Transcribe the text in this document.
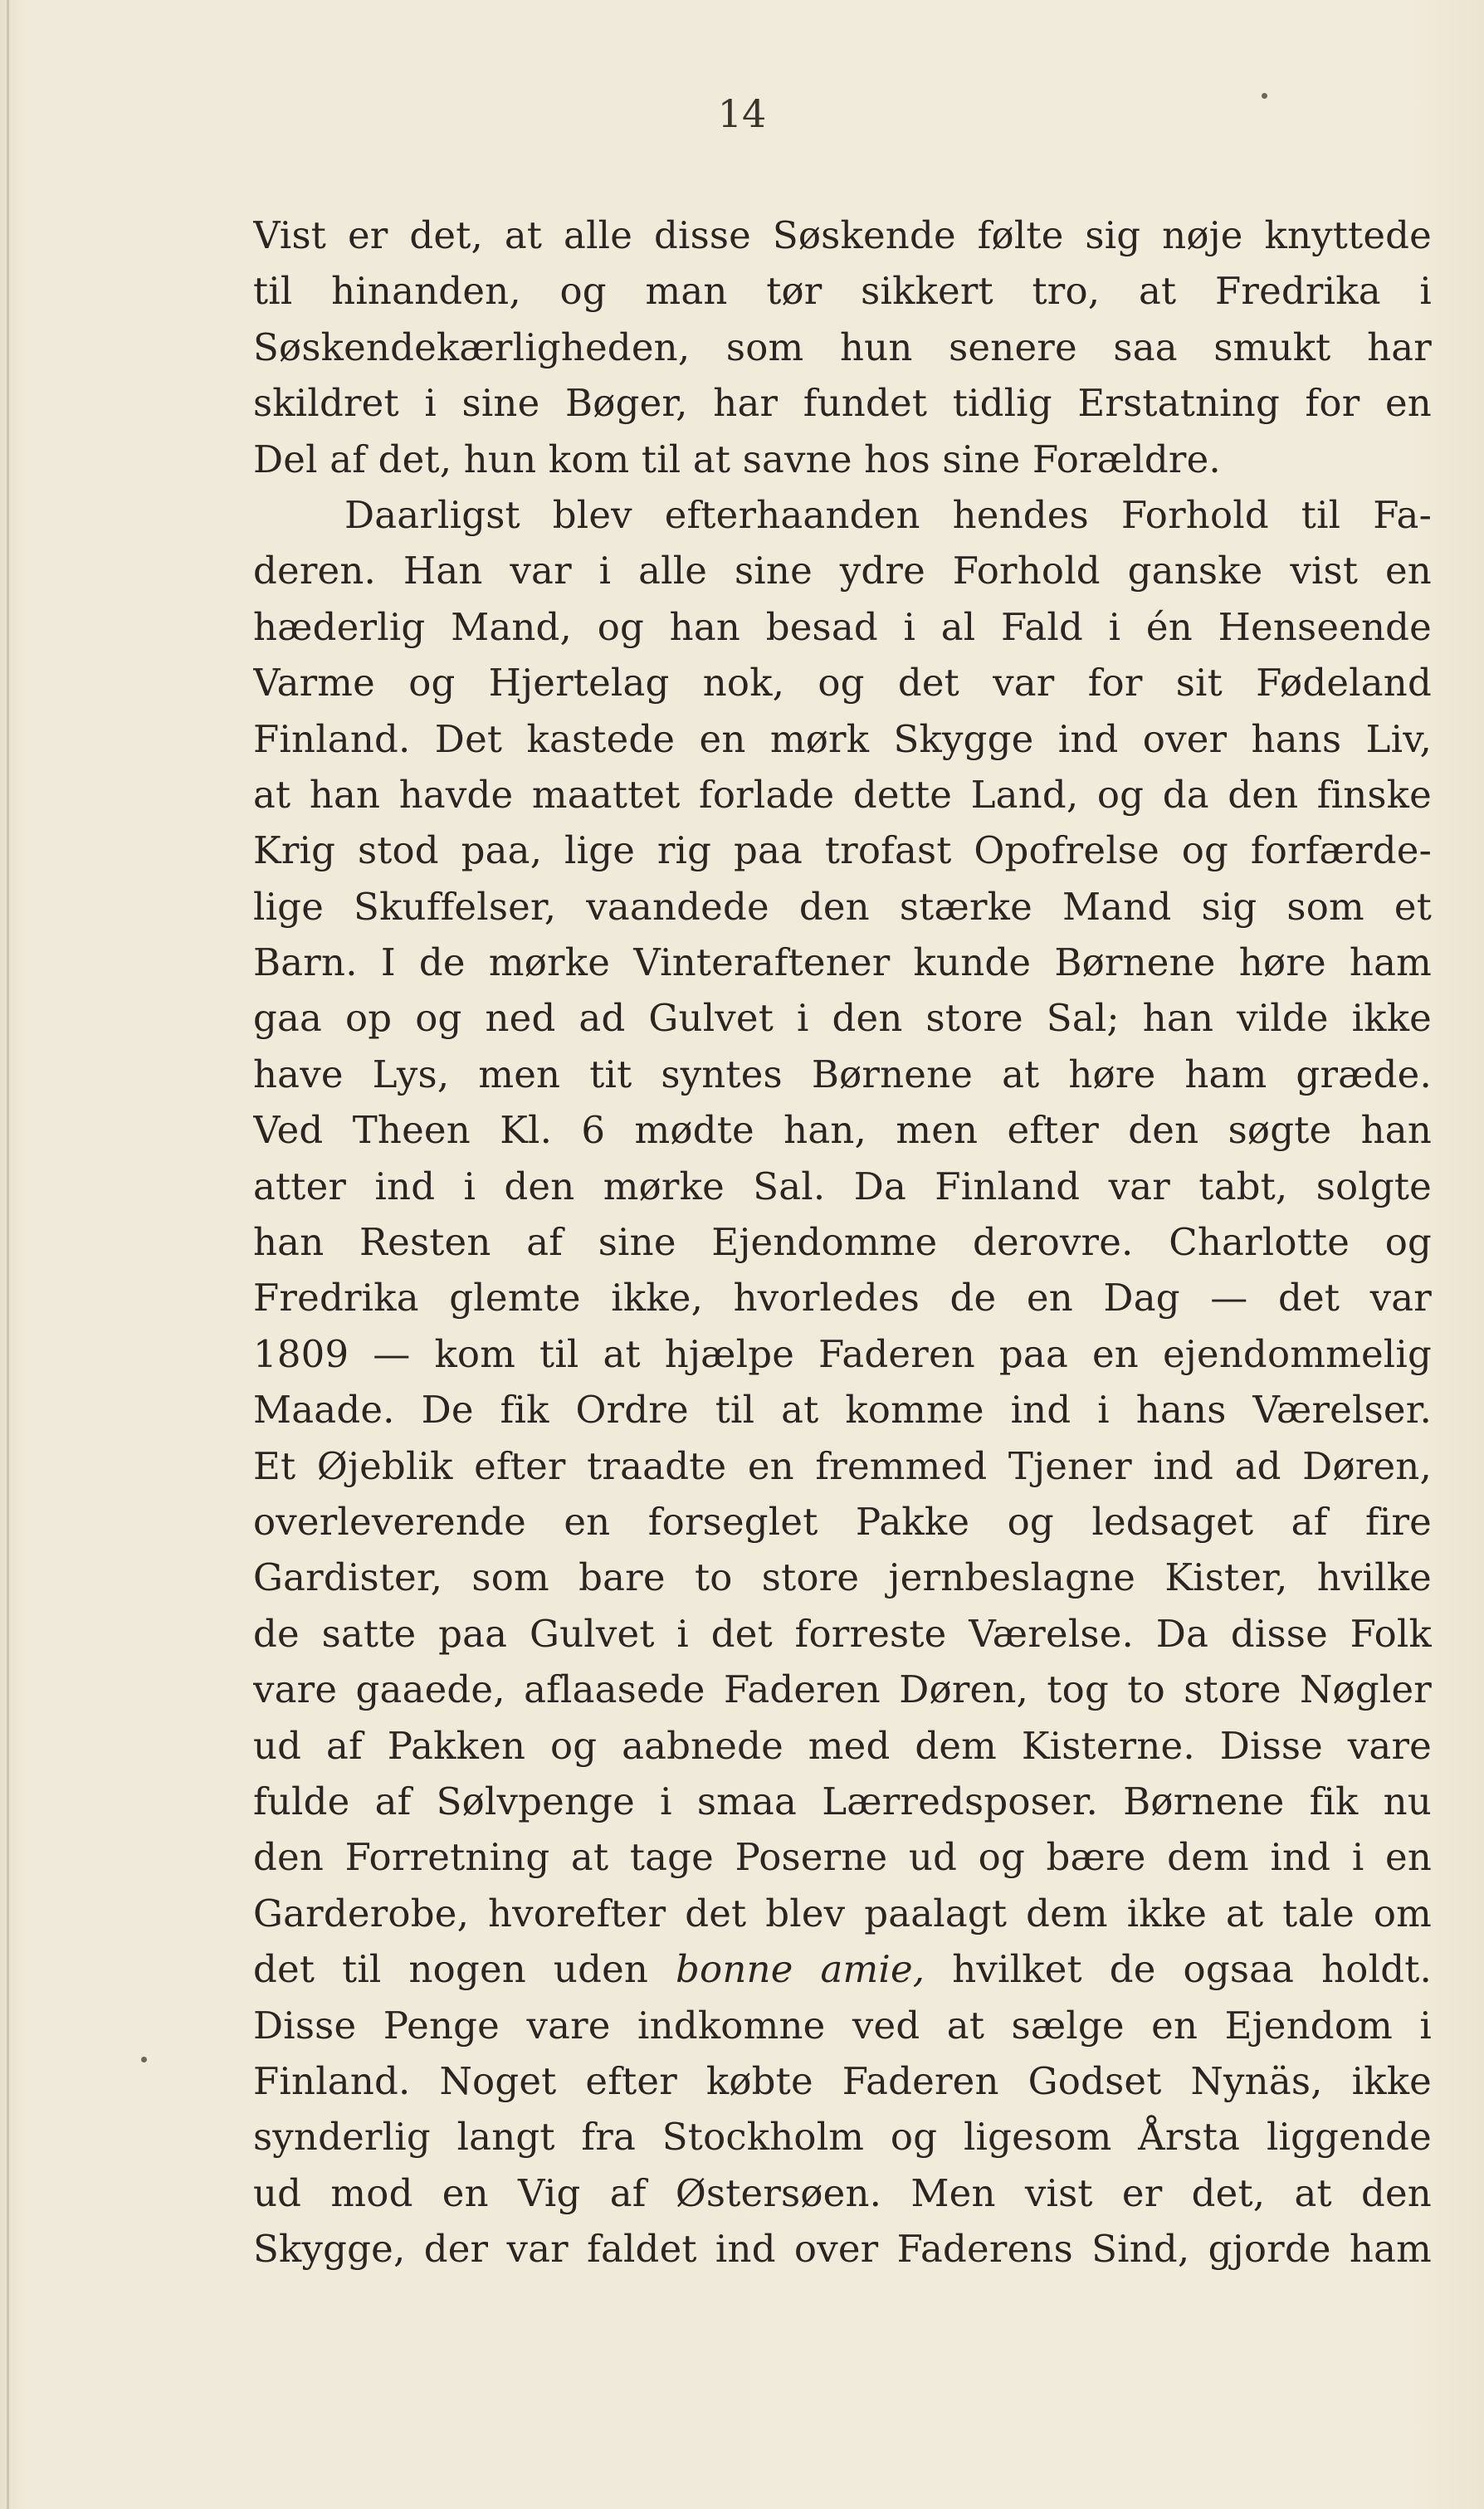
14
Vist er det, at alle disse Søskende følte sig nøje knyttede
til hinanden, og man tør sikkert tro, at Fredrika i
Søskendekærligheden, som hun senere saa smukt har
skildret i sine Bøger, har fundet tidlig Erstatning for en
Del af det, hun kom til at savne hos sine Forældre.
Daarligst blev efterhaanden hendes Forhold til Fa-
deren. Han var i alle sine ydre Forhold ganske vist en
hæderlig Mand, og han besad i al Fald i én Henseende
Varme og Hjertelag nok, og det var for sit Fødeland
Finland. Det kastede en mørk Skygge ind over hans Liv,
at han havde maattet forlade dette Land, og da den finske
Krig stod paa, lige rig paa trofast Opofrelse og forfærde-
lige Skuffelser, vaandede den stærke Mand sig som et
Barn. I de mørke Vinteraftener kunde Børnene høre ham
gaa op og ned ad Gulvet i den store Sal; han vilde ikke
have Lys, men tit syntes Børnene at høre ham græde.
Ved Theen Kl. 6 mødte han, men efter den søgte han
atter ind i den mørke Sal. Da Finland var tabt, solgte
han Resten af sine Ejendomme derovre. Charlotte og
Fredrika glemte ikke, hvorledes de en Dag — det var
1809 — kom til at hjælpe Faderen paa en ejendommelig
Maade. De fik Ordre til at komme ind i hans Værelser.
Et Øjeblik efter traadte en fremmed Tjener ind ad Døren,
overleverende en forseglet Pakke og ledsaget af fire
Gardister, som bare to store jernbeslagne Kister, hvilke
de satte paa Gulvet i det forreste Værelse. Da disse Folk
vare gaaede, aflaasede Faderen Døren, tog to store Nøgler
ud af Pakken og aabnede med dem Kisterne. Disse vare
fulde af Sølvpenge i smaa Lærredsposer. Børnene fik nu
den Forretning at tage Poserne ud og bære dem ind i en
Garderobe, hvorefter det blev paalagt dem ikke at tale om
det til nogen uden bonne amie, hvilket de ogsaa holdt.
Disse Penge vare indkomne ved at sælge en Ejendom i
Finland. Noget efter købte Faderen Godset Nynäs, ikke
synderlig langt fra Stockholm og ligesom Årsta liggende
ud mod en Vig af Østersøen. Men vist er det, at den
Skygge, der var faldet ind over Faderens Sind, gjorde ham
